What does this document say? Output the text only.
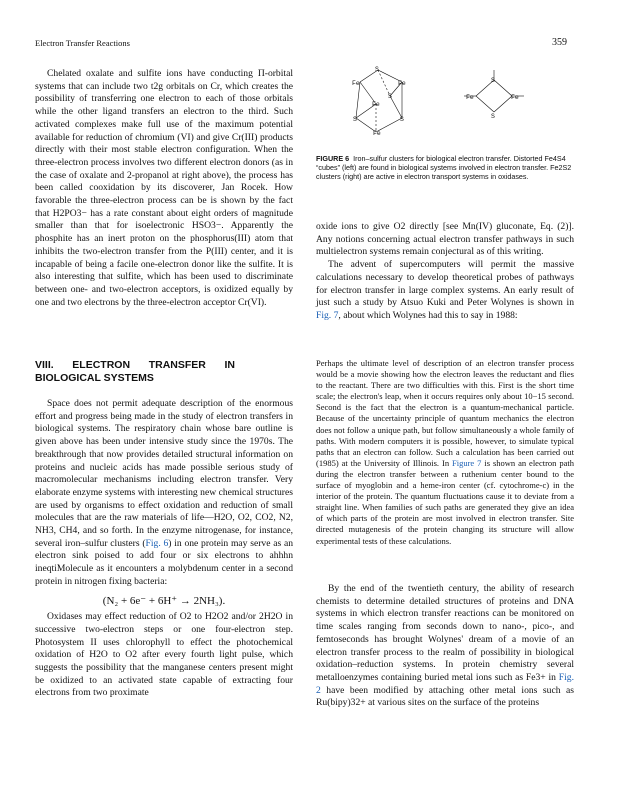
Electron Transfer Reactions	359

Chelated oxalate and sulfite ions have conducting Π-orbital systems that can include two t2g orbitals on Cr, which creates the possibility of transferring one electron to each of those orbitals while the other ligand transfers an electron to the third. Such activated complexes make full use of the maximum potential available for reduction of chromium (VI) and give Cr(III) products directly with their most stable electron configuration. When the three-electron process involves two different electron donors (as in the case of oxalate and 2-propanol at right above), the process has been called cooxidation by its discoverer, Jan Rocek. How favorable the three-electron process can be is shown by the fact that H2PO3− has a rate constant about eight orders of magnitude smaller than that for isoelectronic HSO3−. Apparently the phosphite has an inert proton on the phosphorus(III) atom that inhibits the two-electron transfer from the P(III) center, and it is incapable of being a facile one-electron donor like the sulfite. It is also interesting that sulfite, which has been used to discriminate between one- and two-electron acceptors, is oxidized equally by one and two electrons by the three-electron acceptor Cr(VI).

VIII. ELECTRON TRANSFER IN BIOLOGICAL SYSTEMS

Space does not permit adequate description of the enormous effort and progress being made in the study of electron transfers in biological systems. The respiratory chain whose bare outline is given above has been under intensive study since the 1970s. The breakthrough that now provides detailed structural information on proteins and nucleic acids has made possible serious study of macromolecular mechanisms including electron transfer. Very elaborate enzyme systems with interesting new chemical structures are used by organisms to effect oxidation and reduction of small molecules that are the raw materials of life—H2O, O2, CO2, N2, NH3, CH4, and so forth. In the enzyme nitrogenase, for instance, several iron–sulfur clusters (Fig. 6) in one protein may serve as an electron sink poised to add four or six electrons to ahhhn ineqtiMolecule as it encounters a molybdenum center in a second protein in nitrogen fixing bacteria:

(N₂ + 6e⁻ + 6H⁺ → 2NH₃).

Oxidases may effect reduction of O2 to H2O2 and/or 2H2O in successive two-electron steps or one four-electron step. Photosystem II uses chlorophyll to effect the photochemical oxidation of H2O to O2 after every fourth light pulse, which suggests the possibility that the manganese centers present might be oxidized to an activated state capable of extracting four electrons from two proximate

S
Fe	Fe
S
Fe
S
Fe
S
S
Fe	Fe
S
FIGURE 6 Iron–sulfur clusters for biological electron transfer. Distorted Fe4S4 “cubes” (left) are found in biological systems involved in electron transfer. Fe2S2 clusters (right) are active in electron transport systems in oxidases.

oxide ions to give O2 directly [see Mn(IV) gluconate, Eq. (2)]. Any notions concerning actual electron transfer pathways in such multielectron systems remain conjectural as of this writing.

The advent of supercomputers will permit the massive calculations necessary to develop theoretical probes of pathways for electron transfer in large complex systems. An early result of just such a study by Atsuo Kuki and Peter Wolynes is shown in Fig. 7, about which Wolynes had this to say in 1988:

Perhaps the ultimate level of description of an electron transfer process would be a movie showing how the electron leaves the reductant and flies to the reactant. There are two difficulties with this. First is the short time scale; the electron's leap, when it occurs requires only about 10−15 second. Second is the fact that the electron is a quantum-mechanical particle. Because of the uncertainty principle of quantum mechanics the electron does not follow a unique path, but follow simultaneously a whole family of paths. With modern computers it is possible, however, to simulate typical paths that an electron can follow. Such a calculation has been carried out (1985) at the University of Illinois. In Figure 7 is shown an electron path during the electron transfer between a ruthenium center bound to the surface of myoglobin and a heme-iron center (cf. cytochrome-c) in the interior of the protein. The quantum fluctuations cause it to deviate from a straight line. When families of such paths are generated they give an idea of which parts of the protein are most involved in electron transfer. Site directed mutagenesis of the protein changing its structure will allow experimental tests of these calculations.

By the end of the twentieth century, the ability of research chemists to determine detailed structures of proteins and DNA systems in which electron transfer reactions can be monitored on time scales ranging from seconds down to nano-, pico-, and femtoseconds has brought Wolynes' dream of a movie of an electron transfer process to the realm of possibility in biological oxidation–reduction systems. In protein chemistry several metalloenzymes containing buried metal ions such as Fe3+ in Fig. 2 have been modified by attaching other metal ions such as Ru(bipy)32+ at various sites on the surface of the proteins
